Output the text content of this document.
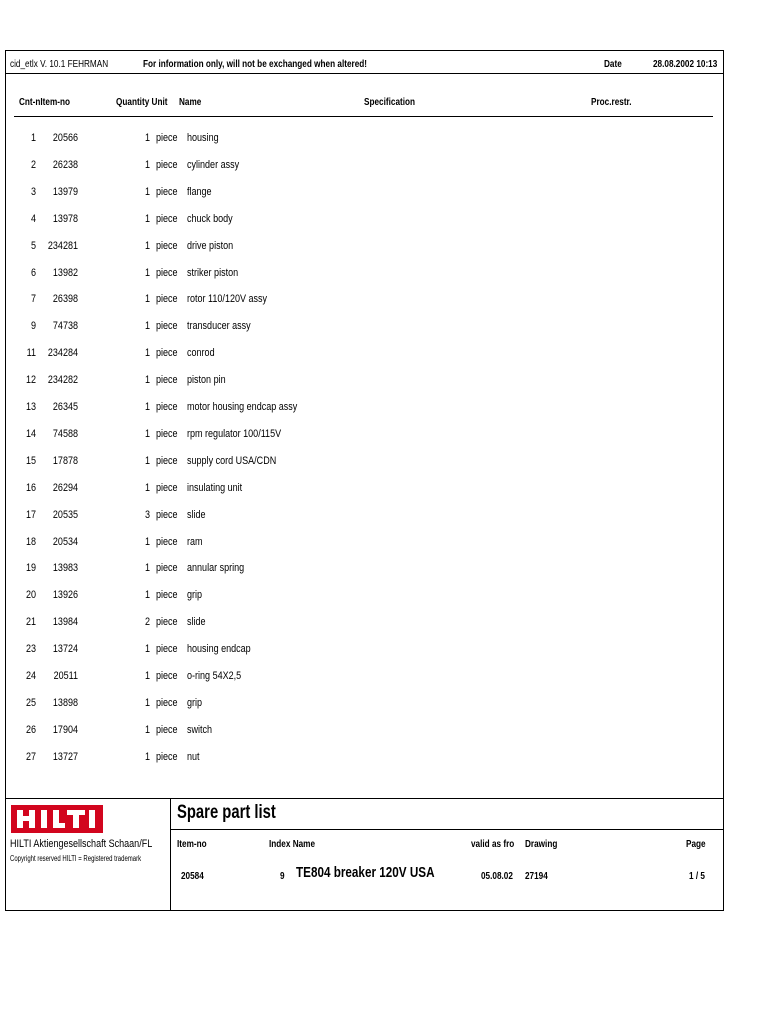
cid_etlx V. 10.1 FEHRMAN	For information only, will not be exchanged when altered!	Date	28.08.2002 10:13
Cnt-nItem-no	Quantity Unit Name	Specification	Proc.restr.
1	20566	1 piece housing
2	26238	1 piece cylinder assy
3	13979	1 piece flange
4	13978	1 piece chuck body
5	234281	1 piece drive piston
6	13982	1 piece striker piston
7	26398	1 piece rotor 110/120V assy
9	74738	1 piece transducer assy
11	234284	1 piece conrod
12	234282	1 piece piston pin
13	26345	1 piece motor housing endcap assy
14	74588	1 piece rpm regulator 100/115V
15	17878	1 piece supply cord USA/CDN
16	26294	1 piece insulating unit
17	20535	3 piece slide
18	20534	1 piece ram
19	13983	1 piece annular spring
20	13926	1 piece grip
21	13984	2 piece slide
23	13724	1 piece housing endcap
24	20511	1 piece o-ring 54X2,5
25	13898	1 piece grip
26	17904	1 piece switch
27	13727	1 piece nut
HILTI Aktiengesellschaft Schaan/FL
Copyright reserved HILTI = Registered trademark
Spare part list
Item-no	Index Name	valid as fro Drawing	Page
20584	9 TE804 breaker 120V USA	05.08.02 27194	1 / 5
